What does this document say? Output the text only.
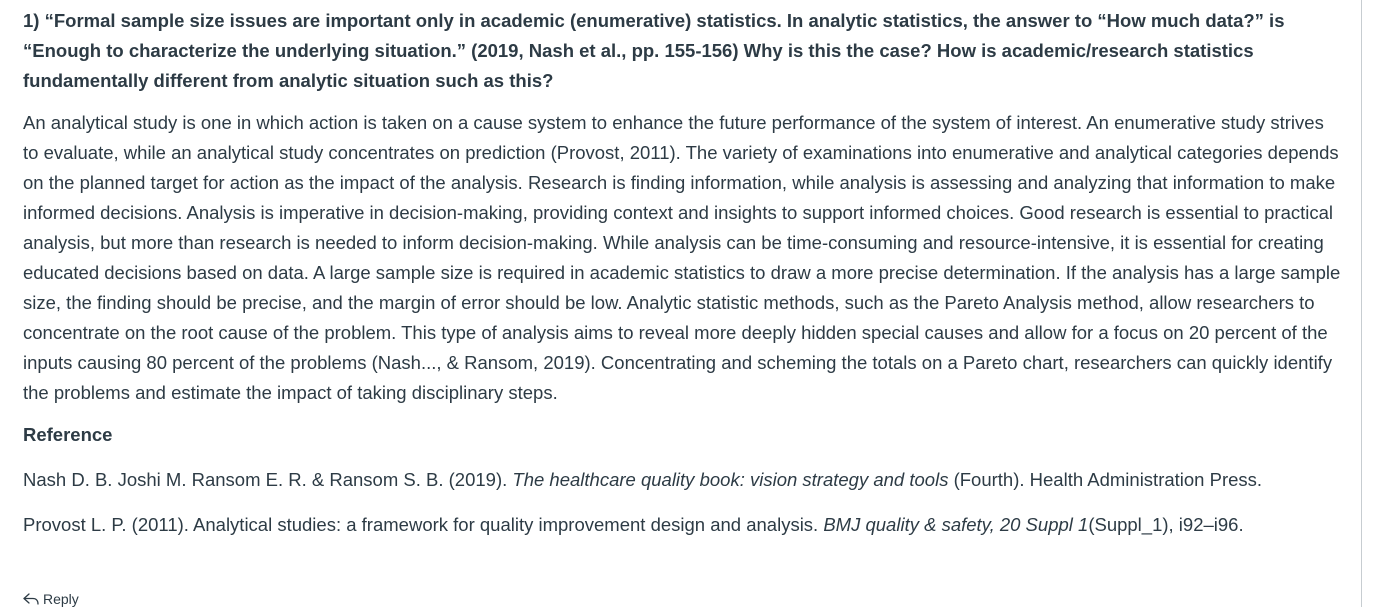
1) “Formal sample size issues are important only in academic (enumerative) statistics. In analytic statistics, the answer to “How much data?” is “Enough to characterize the underlying situation.” (2019, Nash et al., pp. 155-156) Why is this the case? How is academic/research statistics fundamentally different from analytic situation such as this?

An analytical study is one in which action is taken on a cause system to enhance the future performance of the system of interest. An enumerative study strives to evaluate, while an analytical study concentrates on prediction (Provost, 2011). The variety of examinations into enumerative and analytical categories depends on the planned target for action as the impact of the analysis. Research is finding information, while analysis is assessing and analyzing that information to make informed decisions. Analysis is imperative in decision-making, providing context and insights to support informed choices. Good research is essential to practical analysis, but more than research is needed to inform decision-making. While analysis can be time-consuming and resource-intensive, it is essential for creating educated decisions based on data. A large sample size is required in academic statistics to draw a more precise determination. If the analysis has a large sample size, the finding should be precise, and the margin of error should be low. Analytic statistic methods, such as the Pareto Analysis method, allow researchers to concentrate on the root cause of the problem. This type of analysis aims to reveal more deeply hidden special causes and allow for a focus on 20 percent of the inputs causing 80 percent of the problems (Nash..., & Ransom, 2019). Concentrating and scheming the totals on a Pareto chart, researchers can quickly identify the problems and estimate the impact of taking disciplinary steps.

Reference

Nash D. B. Joshi M. Ransom E. R. & Ransom S. B. (2019). The healthcare quality book: vision strategy and tools (Fourth). Health Administration Press.

Provost L. P. (2011). Analytical studies: a framework for quality improvement design and analysis. BMJ quality & safety, 20 Suppl 1(Suppl_1), i92–i96.

Reply
